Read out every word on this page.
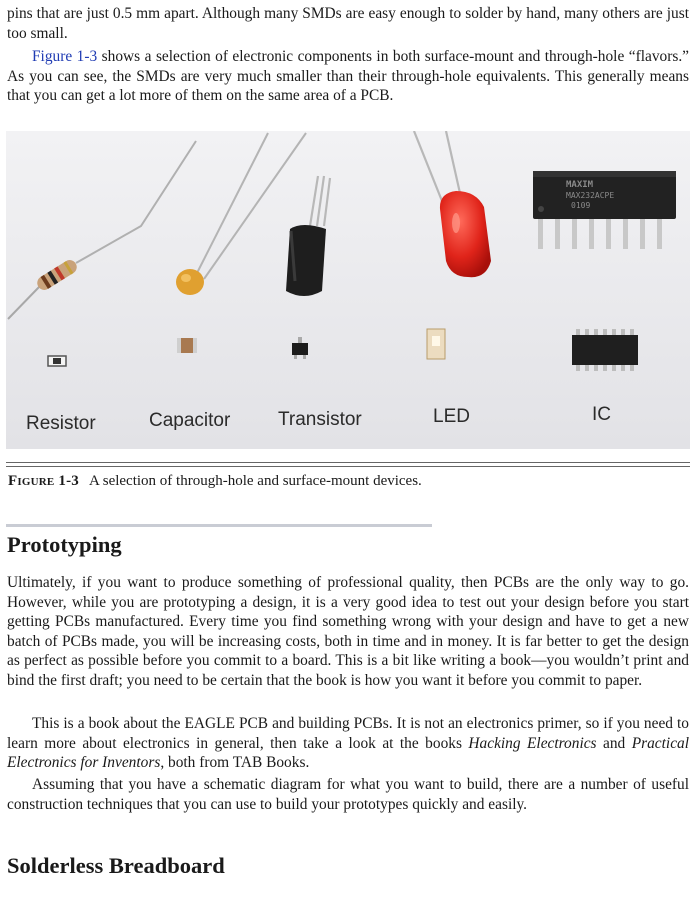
pins that are just 0.5 mm apart. Although many SMDs are easy enough to solder by hand, many others are just too small.

Figure 1-3 shows a selection of electronic components in both surface-mount and through-hole “flavors.” As you can see, the SMDs are very much smaller than their through-hole equivalents. This generally means that you can get a lot more of them on the same area of a PCB.

MAXIM
MAX232ACPE
0109
Resistor	Capacitor	Transistor	LED	IC
Figure 1-3 A selection of through-hole and surface-mount devices.
Prototyping

Ultimately, if you want to produce something of professional quality, then PCBs are the only way to go. However, while you are prototyping a design, it is a very good idea to test out your design before you start getting PCBs manufactured. Every time you find something wrong with your design and have to get a new batch of PCBs made, you will be increasing costs, both in time and in money. It is far better to get the design as perfect as possible before you commit to a board. This is a bit like writing a book—you wouldn’t print and bind the first draft; you need to be certain that the book is how you want it before you commit to paper.

This is a book about the EAGLE PCB and building PCBs. It is not an electronics primer, so if you need to learn more about electronics in general, then take a look at the books Hacking Electronics and Practical Electronics for Inventors, both from TAB Books.

Assuming that you have a schematic diagram for what you want to build, there are a number of useful construction techniques that you can use to build your prototypes quickly and easily.

Solderless Breadboard
